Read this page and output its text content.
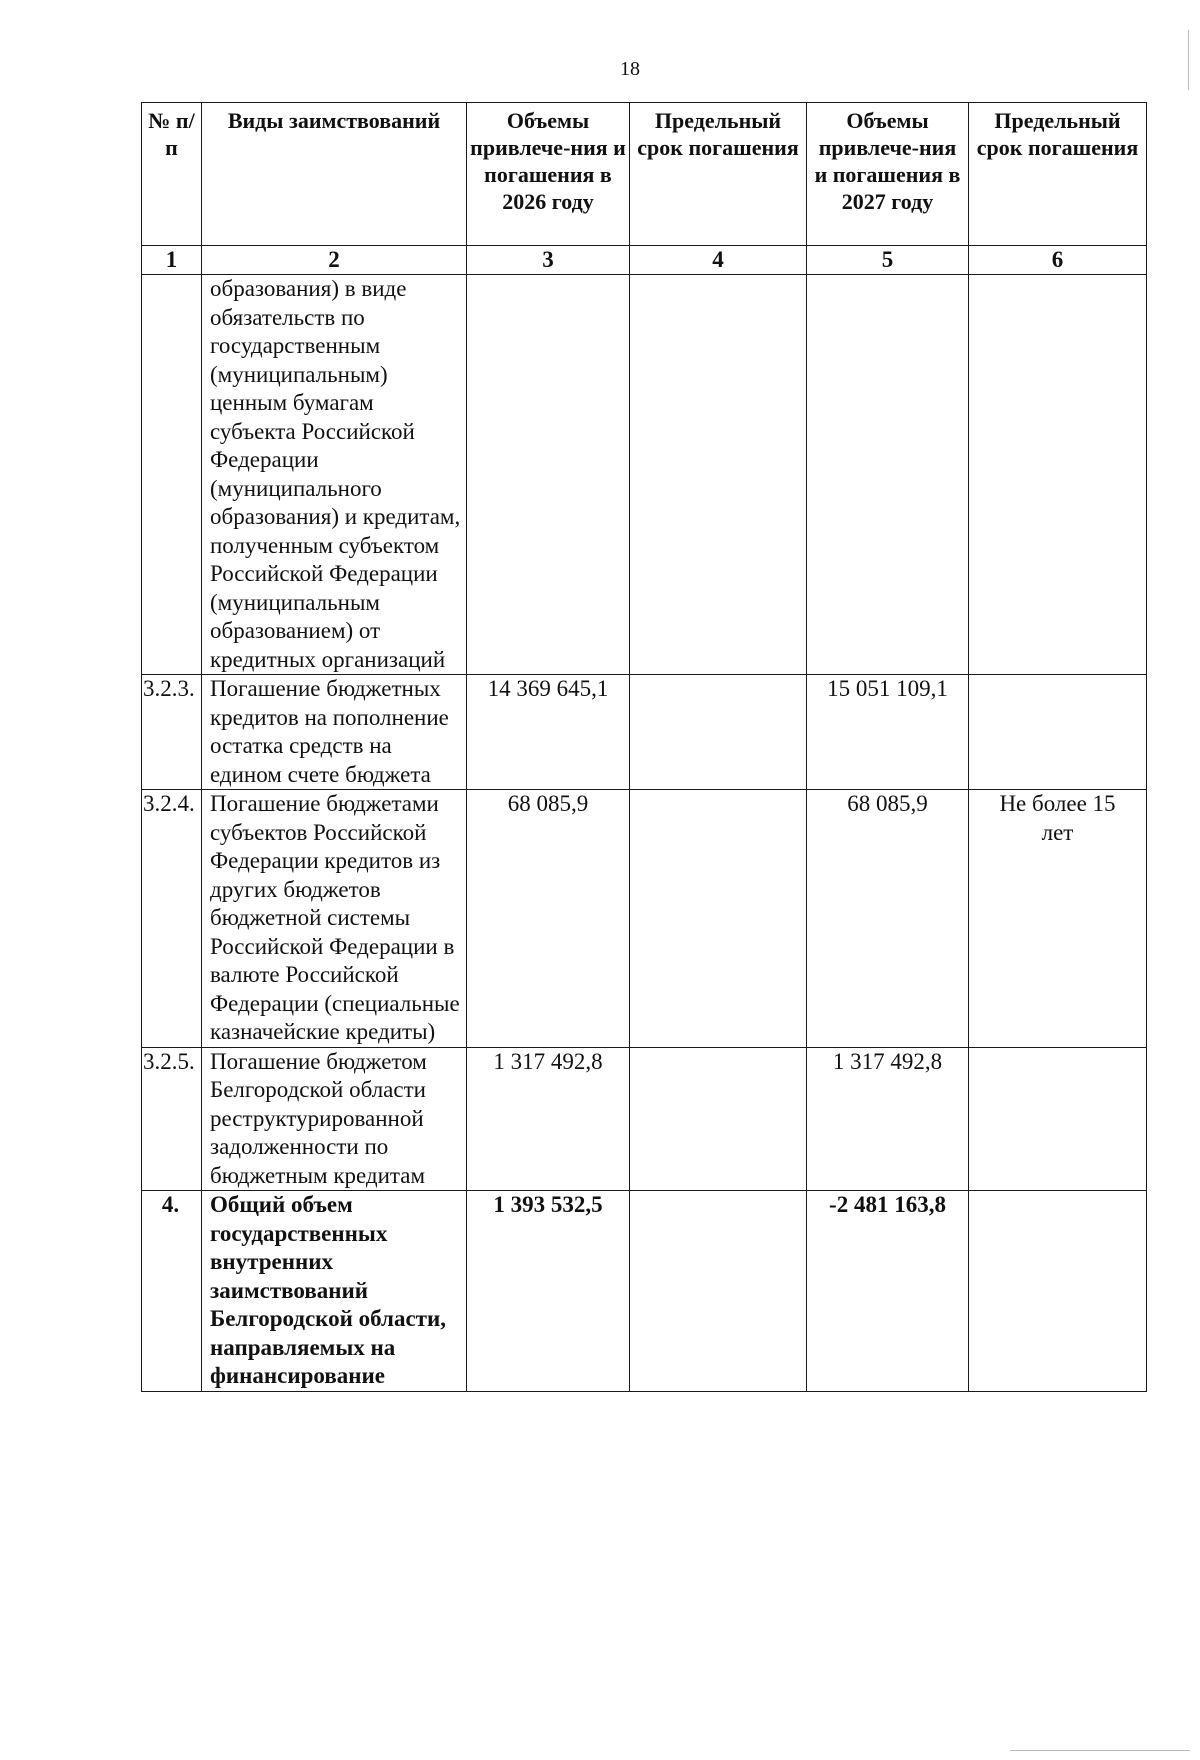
18
№ п/п	Виды заимствований	Объемы привлече-ния и погашения в 2026 году	Предельный срок погашения	Объемы привлече-ния и погашения в 2027 году	Предельный срок погашения
1	2	3	4	5	6
	образования) в виде обязательств по государственным (муниципальным) ценным бумагам субъекта Российской Федерации (муниципального образования) и кредитам, полученным субъектом Российской Федерации (муниципальным образованием) от кредитных организаций				
3.2.3.	Погашение бюджетных кредитов на пополнение остатка средств на едином счете бюджета	14 369 645,1		15 051 109,1	
3.2.4.	Погашение бюджетами субъектов Российской Федерации кредитов из других бюджетов бюджетной системы Российской Федерации в валюте Российской Федерации (специальные казначейские кредиты)	68 085,9		68 085,9	Не более 15 лет
3.2.5.	Погашение бюджетом Белгородской области реструктурированной задолженности по бюджетным кредитам	1 317 492,8		1 317 492,8	
4.	Общий объем государственных внутренних заимствований Белгородской области, направляемых на финансирование	1 393 532,5		-2 481 163,8	
